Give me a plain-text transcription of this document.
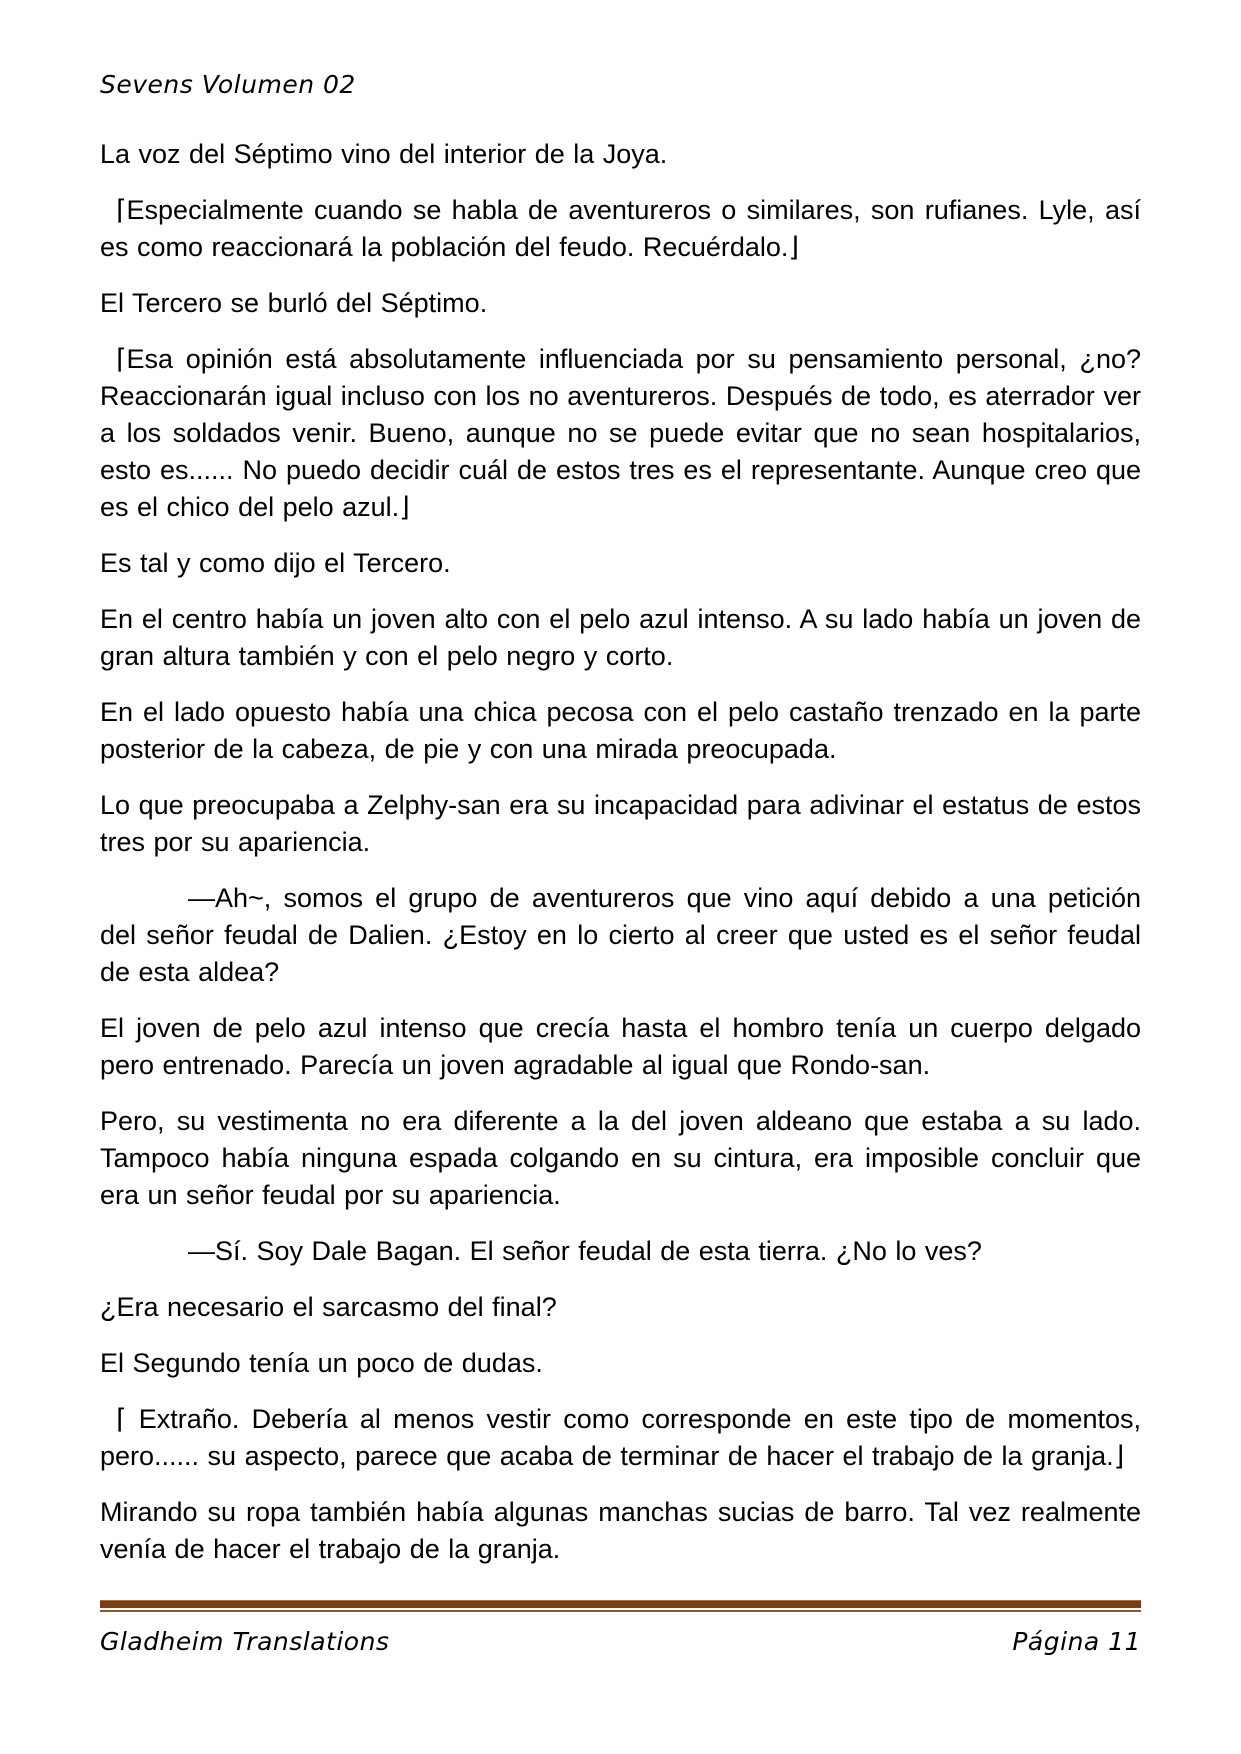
Sevens Volumen 02

La voz del Séptimo vino del interior de la Joya.

⌈Especialmente cuando se habla de aventureros o similares, son rufianes. Lyle, así es como reaccionará la población del feudo. Recuérdalo.⌋

El Tercero se burló del Séptimo.

⌈Esa opinión está absolutamente influenciada por su pensamiento personal, ¿no? Reaccionarán igual incluso con los no aventureros. Después de todo, es aterrador ver a los soldados venir. Bueno, aunque no se puede evitar que no sean hospitalarios, esto es...... No puedo decidir cuál de estos tres es el representante. Aunque creo que es el chico del pelo azul.⌋

Es tal y como dijo el Tercero.

En el centro había un joven alto con el pelo azul intenso. A su lado había un joven de gran altura también y con el pelo negro y corto.

En el lado opuesto había una chica pecosa con el pelo castaño trenzado en la parte posterior de la cabeza, de pie y con una mirada preocupada.

Lo que preocupaba a Zelphy-san era su incapacidad para adivinar el estatus de estos tres por su apariencia.

—Ah~, somos el grupo de aventureros que vino aquí debido a una petición del señor feudal de Dalien. ¿Estoy en lo cierto al creer que usted es el señor feudal de esta aldea?

El joven de pelo azul intenso que crecía hasta el hombro tenía un cuerpo delgado pero entrenado. Parecía un joven agradable al igual que Rondo-san.

Pero, su vestimenta no era diferente a la del joven aldeano que estaba a su lado. Tampoco había ninguna espada colgando en su cintura, era imposible concluir que era un señor feudal por su apariencia.

—Sí. Soy Dale Bagan. El señor feudal de esta tierra. ¿No lo ves?

¿Era necesario el sarcasmo del final?

El Segundo tenía un poco de dudas.

⌈ Extraño. Debería al menos vestir como corresponde en este tipo de momentos, pero...... su aspecto, parece que acaba de terminar de hacer el trabajo de la granja.⌋

Mirando su ropa también había algunas manchas sucias de barro. Tal vez realmente venía de hacer el trabajo de la granja.

Gladheim Translations	Página 11
